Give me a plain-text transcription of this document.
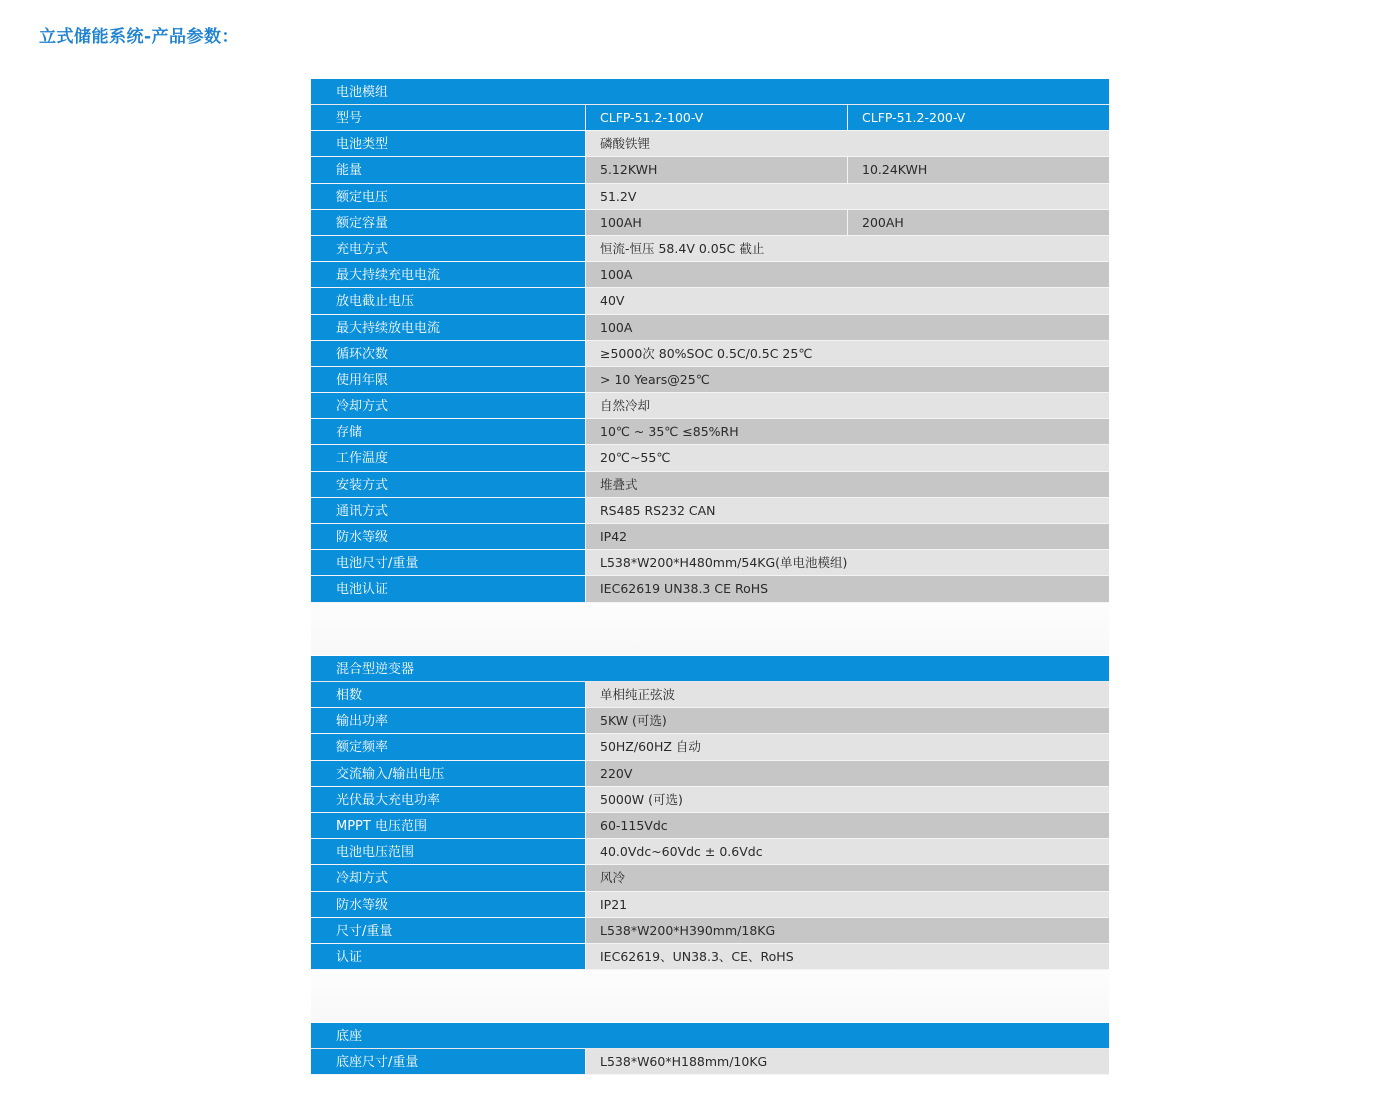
立式储能系统-产品参数：
电池模组
型号	CLFP-51.2-100-V	CLFP-51.2-200-V
电池类型	磷酸铁锂
能量	5.12KWH	10.24KWH
额定电压	51.2V
额定容量	100AH	200AH
充电方式	恒流-恒压 58.4V 0.05C 截止
最大持续充电电流	100A
放电截止电压	40V
最大持续放电电流	100A
循环次数	≥5000次 80%SOC 0.5C/0.5C 25℃
使用年限	> 10 Years@25℃
冷却方式	自然冷却
存储	10℃ ~ 35℃ ≤85%RH
工作温度	20℃~55℃
安装方式	堆叠式
通讯方式	RS485 RS232 CAN
防水等级	IP42
电池尺寸/重量	L538*W200*H480mm/54KG(单电池模组)
电池认证	IEC62619 UN38.3 CE RoHS
混合型逆变器
相数	单相纯正弦波
输出功率	5KW (可选)
额定频率	50HZ/60HZ 自动
交流输入/输出电压	220V
光伏最大充电功率	5000W (可选)
MPPT 电压范围	60-115Vdc
电池电压范围	40.0Vdc~60Vdc ± 0.6Vdc
冷却方式	风冷
防水等级	IP21
尺寸/重量	L538*W200*H390mm/18KG
认证	IEC62619、UN38.3、CE、RoHS
底座
底座尺寸/重量	L538*W60*H188mm/10KG
